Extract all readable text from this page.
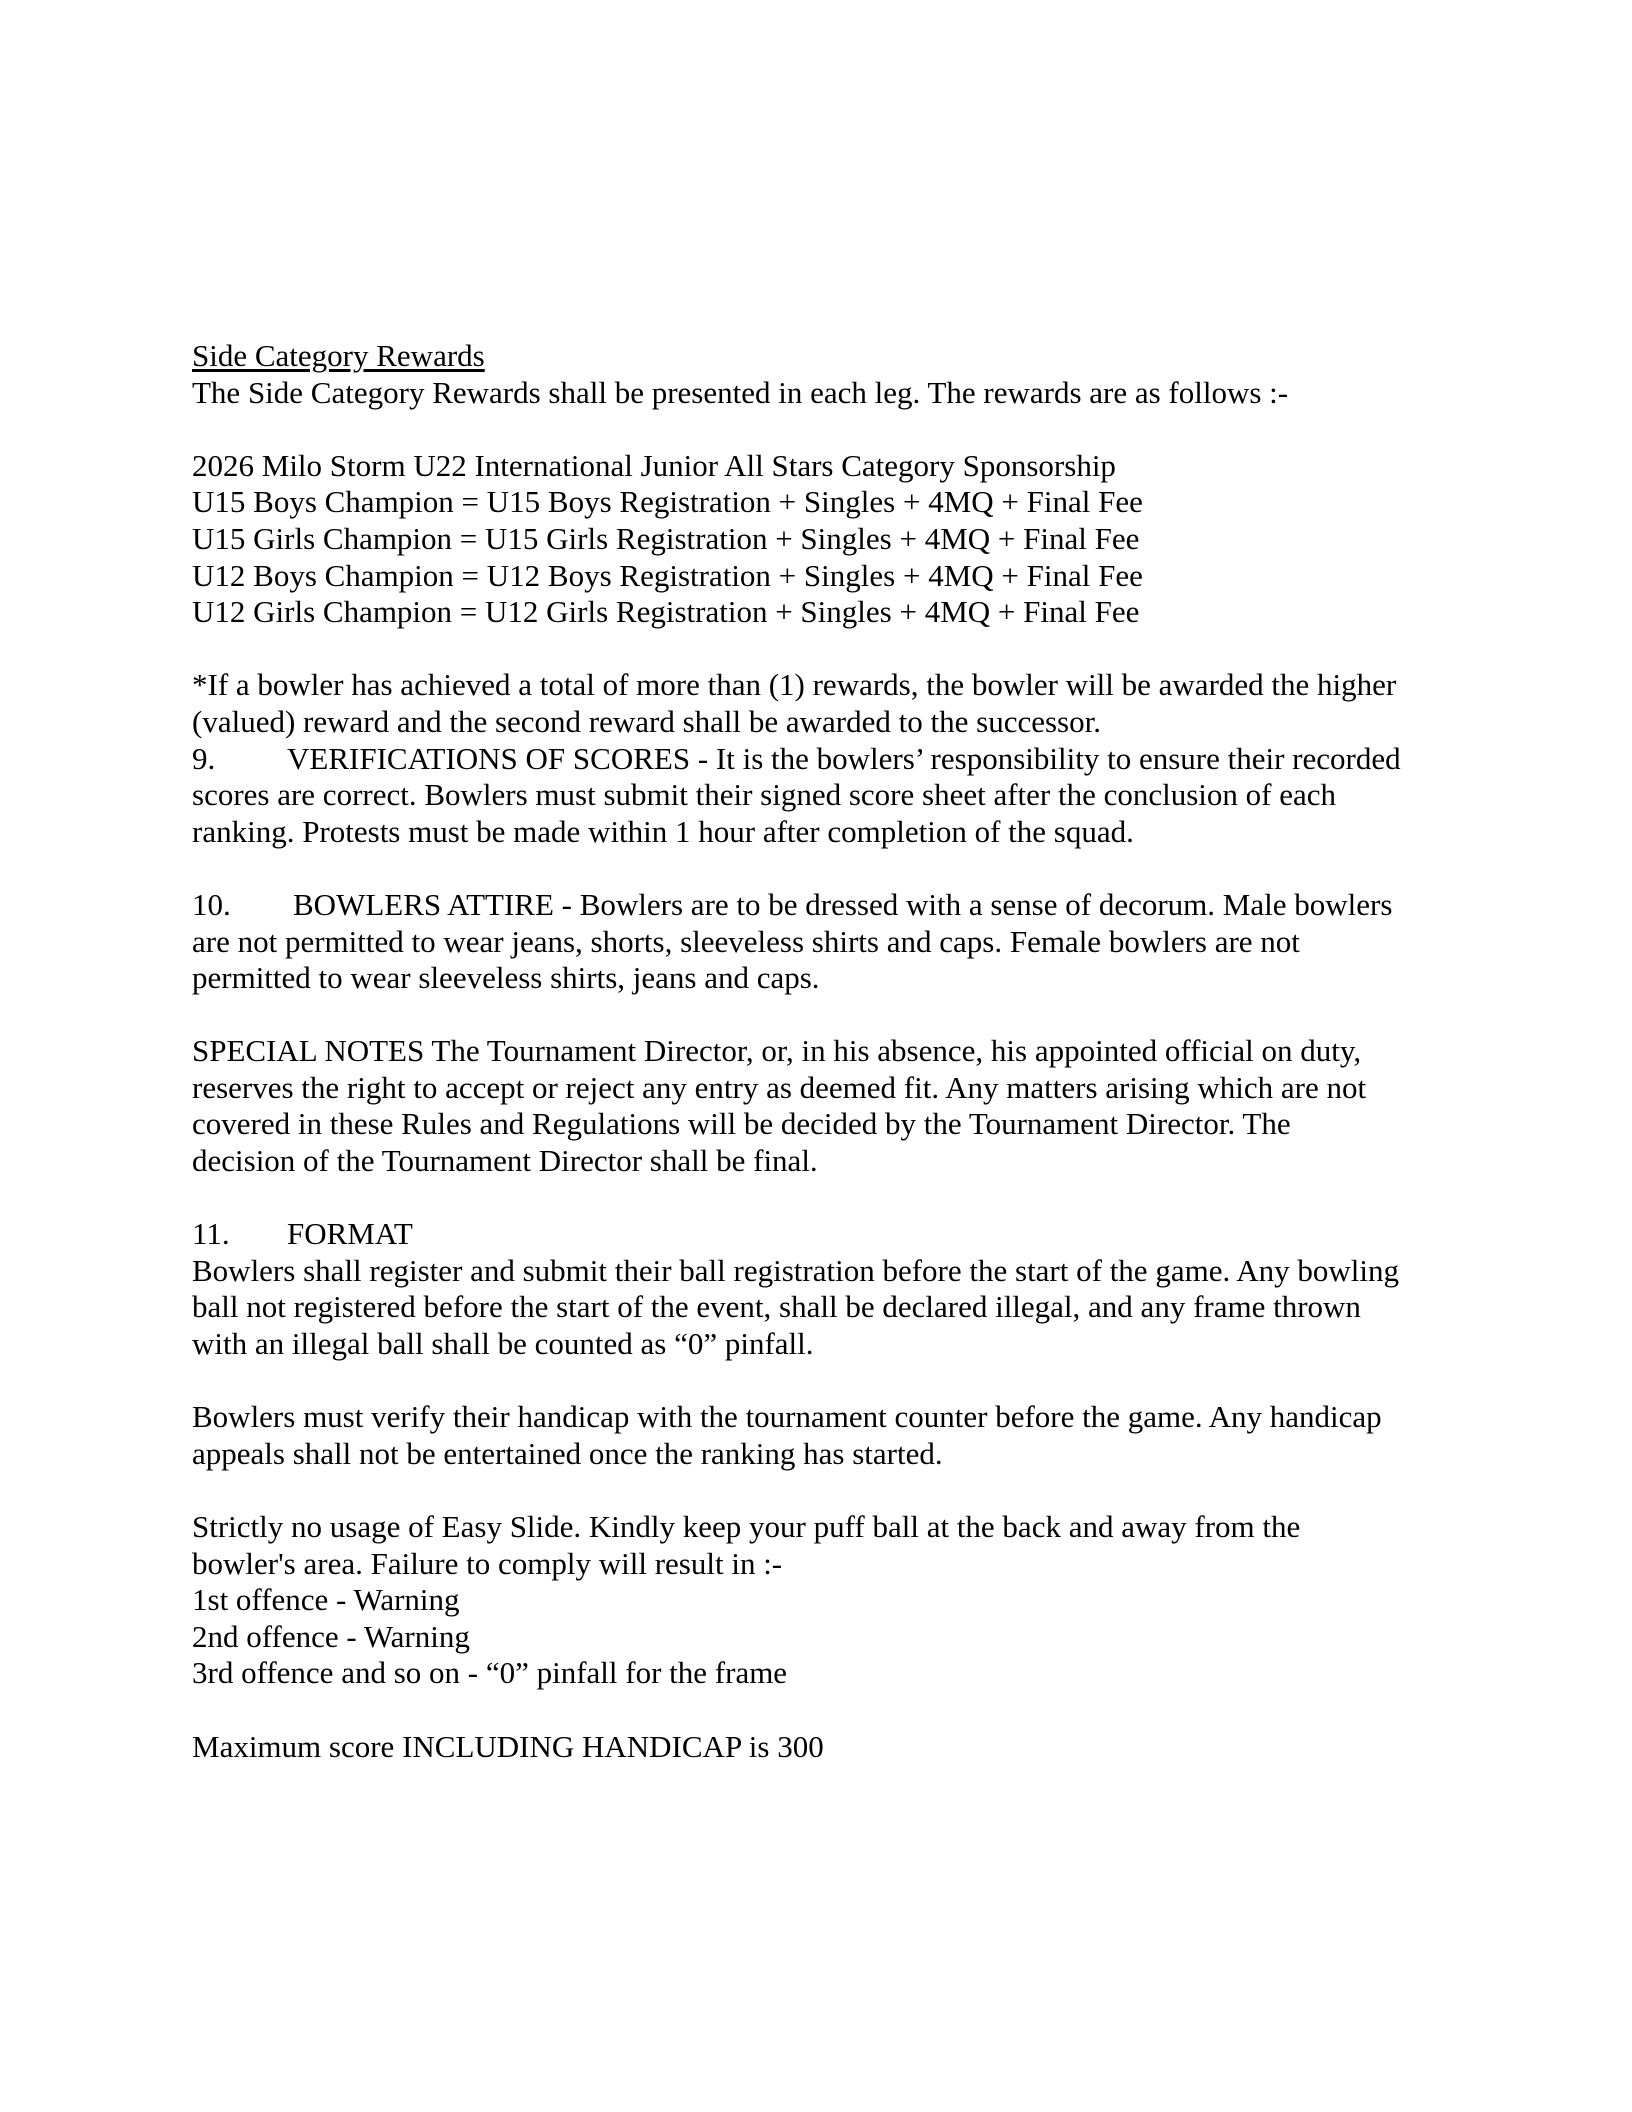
Side Category Rewards
The Side Category Rewards shall be presented in each leg. The rewards are as follows :-
2026 Milo Storm U22 International Junior All Stars Category Sponsorship
U15 Boys Champion = U15 Boys Registration + Singles + 4MQ + Final Fee
U15 Girls Champion = U15 Girls Registration + Singles + 4MQ + Final Fee
U12 Boys Champion = U12 Boys Registration + Singles + 4MQ + Final Fee
U12 Girls Champion = U12 Girls Registration + Singles + 4MQ + Final Fee
*If a bowler has achieved a total of more than (1) rewards, the bowler will be awarded the higher
(valued) reward and the second reward shall be awarded to the successor.
9. VERIFICATIONS OF SCORES - It is the bowlers’ responsibility to ensure their recorded
scores are correct. Bowlers must submit their signed score sheet after the conclusion of each
ranking. Protests must be made within 1 hour after completion of the squad.
10. BOWLERS ATTIRE - Bowlers are to be dressed with a sense of decorum. Male bowlers
are not permitted to wear jeans, shorts, sleeveless shirts and caps. Female bowlers are not
permitted to wear sleeveless shirts, jeans and caps.
SPECIAL NOTES The Tournament Director, or, in his absence, his appointed official on duty,
reserves the right to accept or reject any entry as deemed fit. Any matters arising which are not
covered in these Rules and Regulations will be decided by the Tournament Director. The
decision of the Tournament Director shall be final.
11. FORMAT
Bowlers shall register and submit their ball registration before the start of the game. Any bowling
ball not registered before the start of the event, shall be declared illegal, and any frame thrown
with an illegal ball shall be counted as “0” pinfall.
Bowlers must verify their handicap with the tournament counter before the game. Any handicap
appeals shall not be entertained once the ranking has started.
Strictly no usage of Easy Slide. Kindly keep your puff ball at the back and away from the
bowler's area. Failure to comply will result in :-
1st offence - Warning
2nd offence - Warning
3rd offence and so on - “0” pinfall for the frame
Maximum score INCLUDING HANDICAP is 300
